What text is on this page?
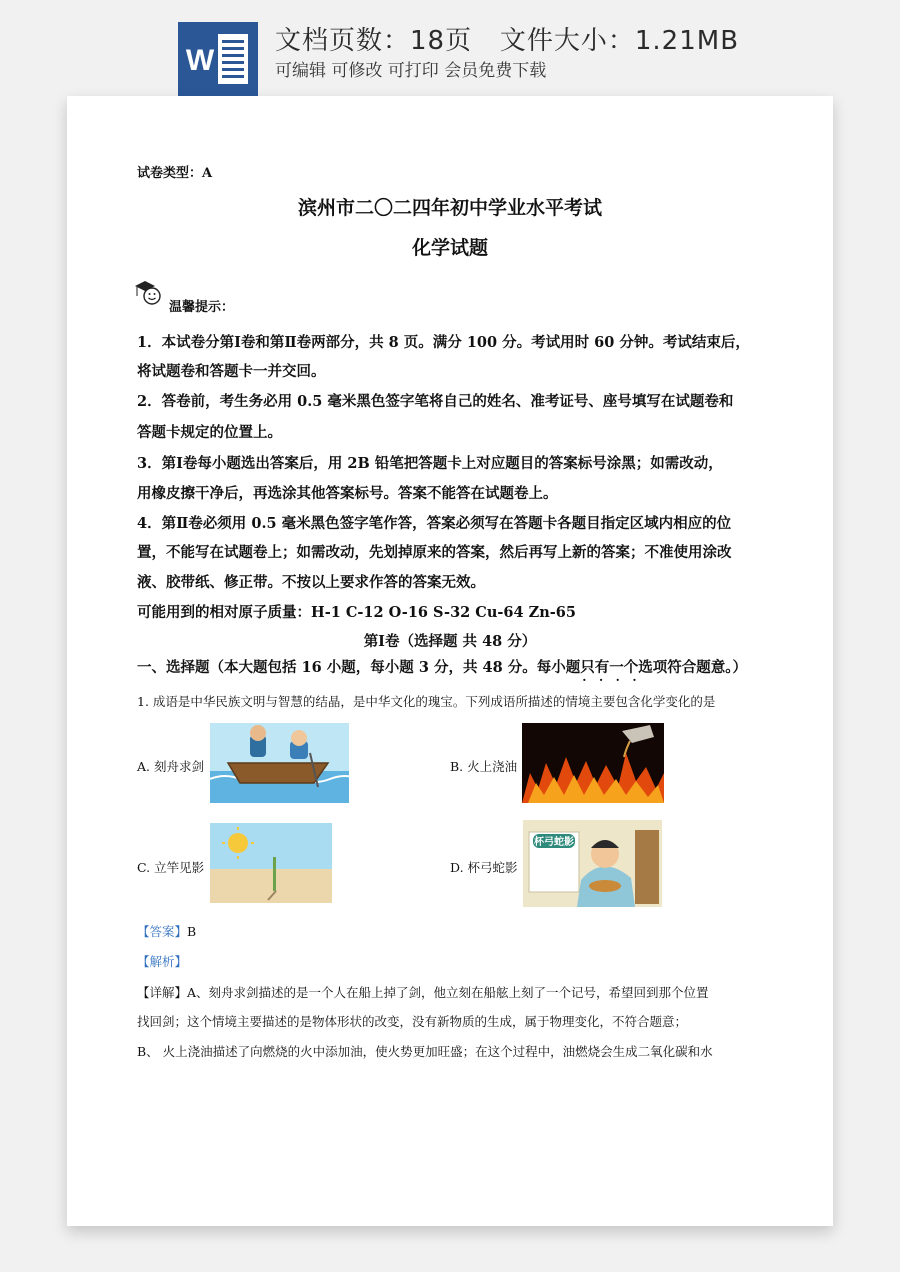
W
文档页数：18页   文件大小：1.21MB
可编辑 可修改 可打印 会员免费下载
试卷类型：A
滨州市二〇二四年初中学业水平考试
化学试题
温馨提示：
1．本试卷分第Ⅰ卷和第Ⅱ卷两部分，共 8 页。满分 100 分。考试用时 60 分钟。考试结束后，
将试题卷和答题卡一并交回。
2．答卷前，考生务必用 0.5 毫米黑色签字笔将自己的姓名、准考证号、座号填写在试题卷和
答题卡规定的位置上。
3．第Ⅰ卷每小题选出答案后，用 2B 铅笔把答题卡上对应题目的答案标号涂黑；如需改动，
用橡皮擦干净后，再选涂其他答案标号。答案不能答在试题卷上。
4．第Ⅱ卷必须用 0.5 毫米黑色签字笔作答，答案必须写在答题卡各题目指定区域内相应的位
置，不能写在试题卷上；如需改动，先划掉原来的答案，然后再写上新的答案；不准使用涂改
液、胶带纸、修正带。不按以上要求作答的答案无效。
可能用到的相对原子质量：H-1 C-12 O-16 S-32 Cu-64 Zn-65
第Ⅰ卷（选择题 共 48 分）
一、选择题（本大题包括 16 小题，每小题 3 分，共 48 分。每小题只有一个 ·   ·选项符合题意。）
1. 成语是中华民族文明与智慧的结晶，是中华文化的瑰宝。下列成语所描述的情境主要包含化学变化的是
A. 刻舟求剑	B. 火上浇油
C. 立竿见影	D. 杯弓蛇影
杯弓蛇影
【答案】B
【解析】
【详解】A、刻舟求剑描述的是一个人在船上掉了剑，他立刻在船舷上刻了一个记号，希望回到那个位置
找回剑；这个情境主要描述的是物体形状的改变，没有新物质的生成，属于物理变化，不符合题意；
B、 火上浇油描述了向燃烧的火中添加油，使火势更加旺盛；在这个过程中，油燃烧会生成二氧化碳和水
